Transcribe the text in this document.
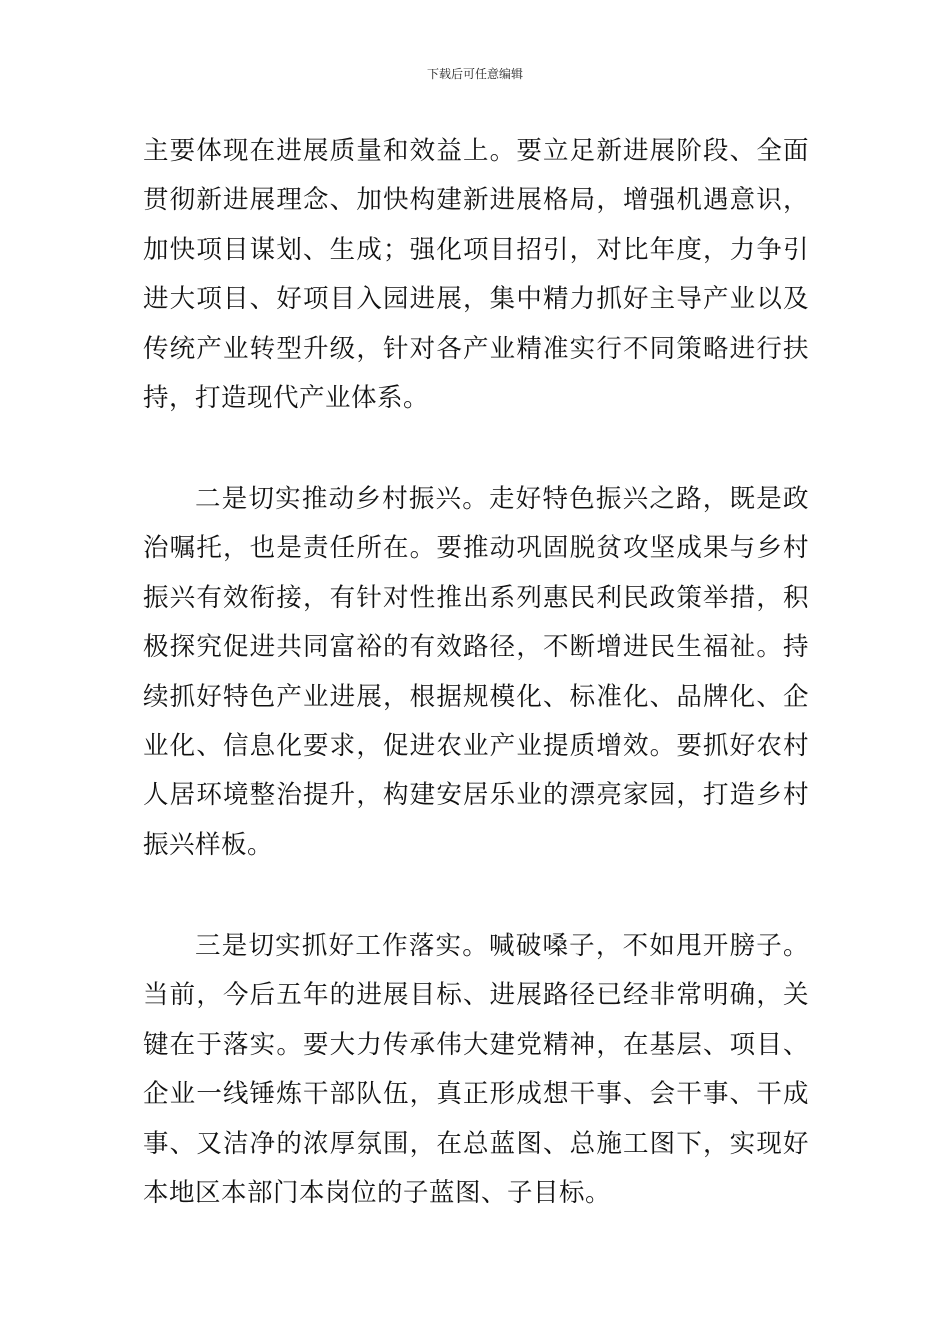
下载后可任意编辑

主要体现在进展质量和效益上。要立足新进展阶段、全面贯彻新进展理念、加快构建新进展格局，增强机遇意识，加快项目谋划、生成；强化项目招引，对比年度，力争引进大项目、好项目入园进展，集中精力抓好主导产业以及传统产业转型升级，针对各产业精准实行不同策略进行扶持，打造现代产业体系。

二是切实推动乡村振兴。走好特色振兴之路，既是政治嘱托，也是责任所在。要推动巩固脱贫攻坚成果与乡村振兴有效衔接，有针对性推出系列惠民利民政策举措，积极探究促进共同富裕的有效路径，不断增进民生福祉。持续抓好特色产业进展，根据规模化、标准化、品牌化、企业化、信息化要求，促进农业产业提质增效。要抓好农村人居环境整治提升，构建安居乐业的漂亮家园，打造乡村振兴样板。

三是切实抓好工作落实。喊破嗓子，不如甩开膀子。当前，今后五年的进展目标、进展路径已经非常明确，关键在于落实。要大力传承伟大建党精神，在基层、项目、企业一线锤炼干部队伍，真正形成想干事、会干事、干成事、又洁净的浓厚氛围，在总蓝图、总施工图下，实现好本地区本部门本岗位的子蓝图、子目标。
